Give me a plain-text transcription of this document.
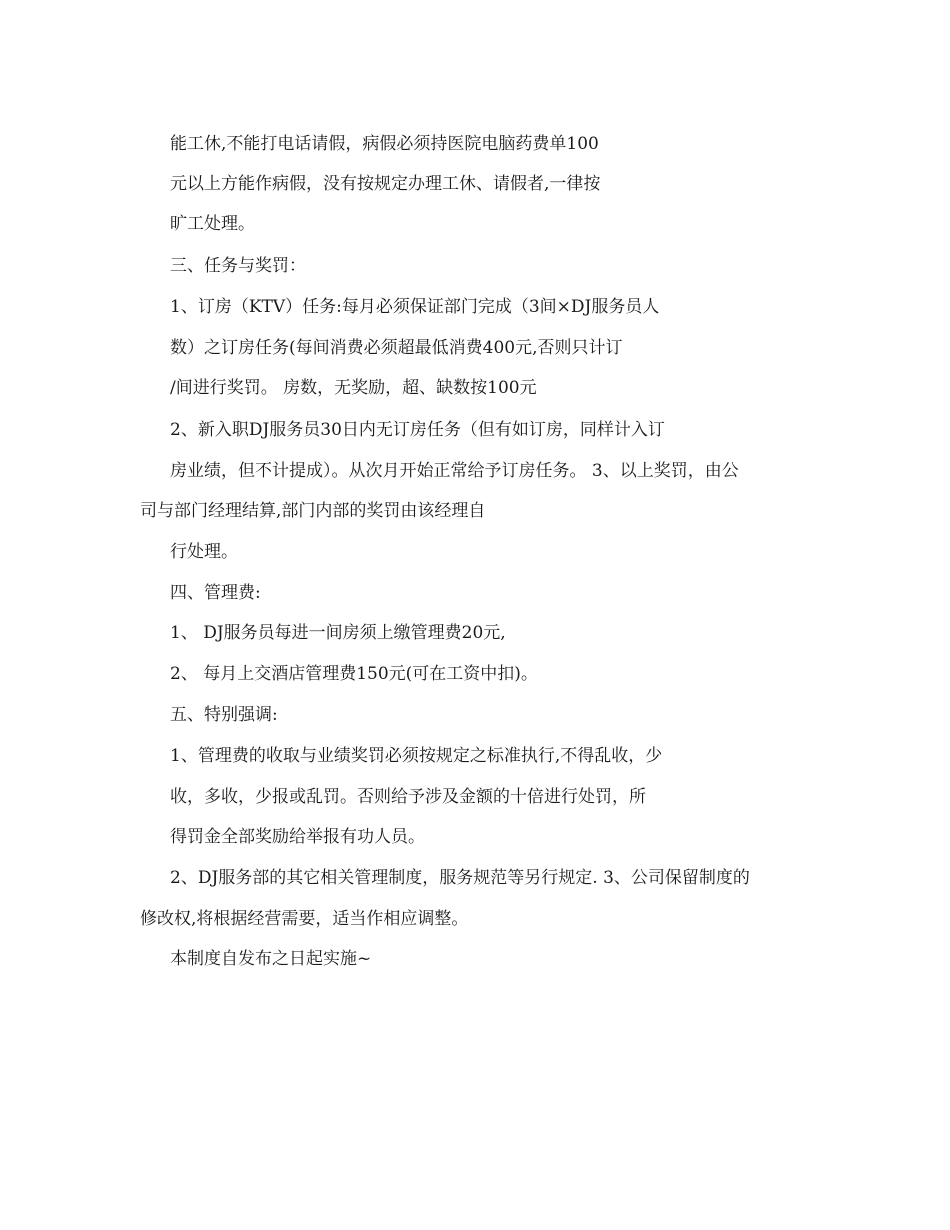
能工休,不能打电话请假，病假必须持医院电脑药费单100
元以上方能作病假，没有按规定办理工休、请假者,一律按
旷工处理。
三、任务与奖罚：
1、订房（KTV）任务:每月必须保证部门完成（3间×DJ服务员人
数）之订房任务(每间消费必须超最低消费400元,否则只计订
/间进行奖罚。 房数，无奖励，超、缺数按100元
2、新入职DJ服务员30日内无订房任务（但有如订房，同样计入订
房业绩，但不计提成）。从次月开始正常给予订房任务。 3、以上奖罚，由公
司与部门经理结算,部门内部的奖罚由该经理自
行处理。
四、管理费:
1、 DJ服务员每进一间房须上缴管理费20元,
2、 每月上交酒店管理费150元(可在工资中扣)。
五、特别强调:
1、管理费的收取与业绩奖罚必须按规定之标准执行,不得乱收，少
收，多收，少报或乱罚。否则给予涉及金额的十倍进行处罚，所
得罚金全部奖励给举报有功人员。
2、DJ服务部的其它相关管理制度，服务规范等另行规定. 3、公司保留制度的
修改权,将根据经营需要，适当作相应调整。
本制度自发布之日起实施~
